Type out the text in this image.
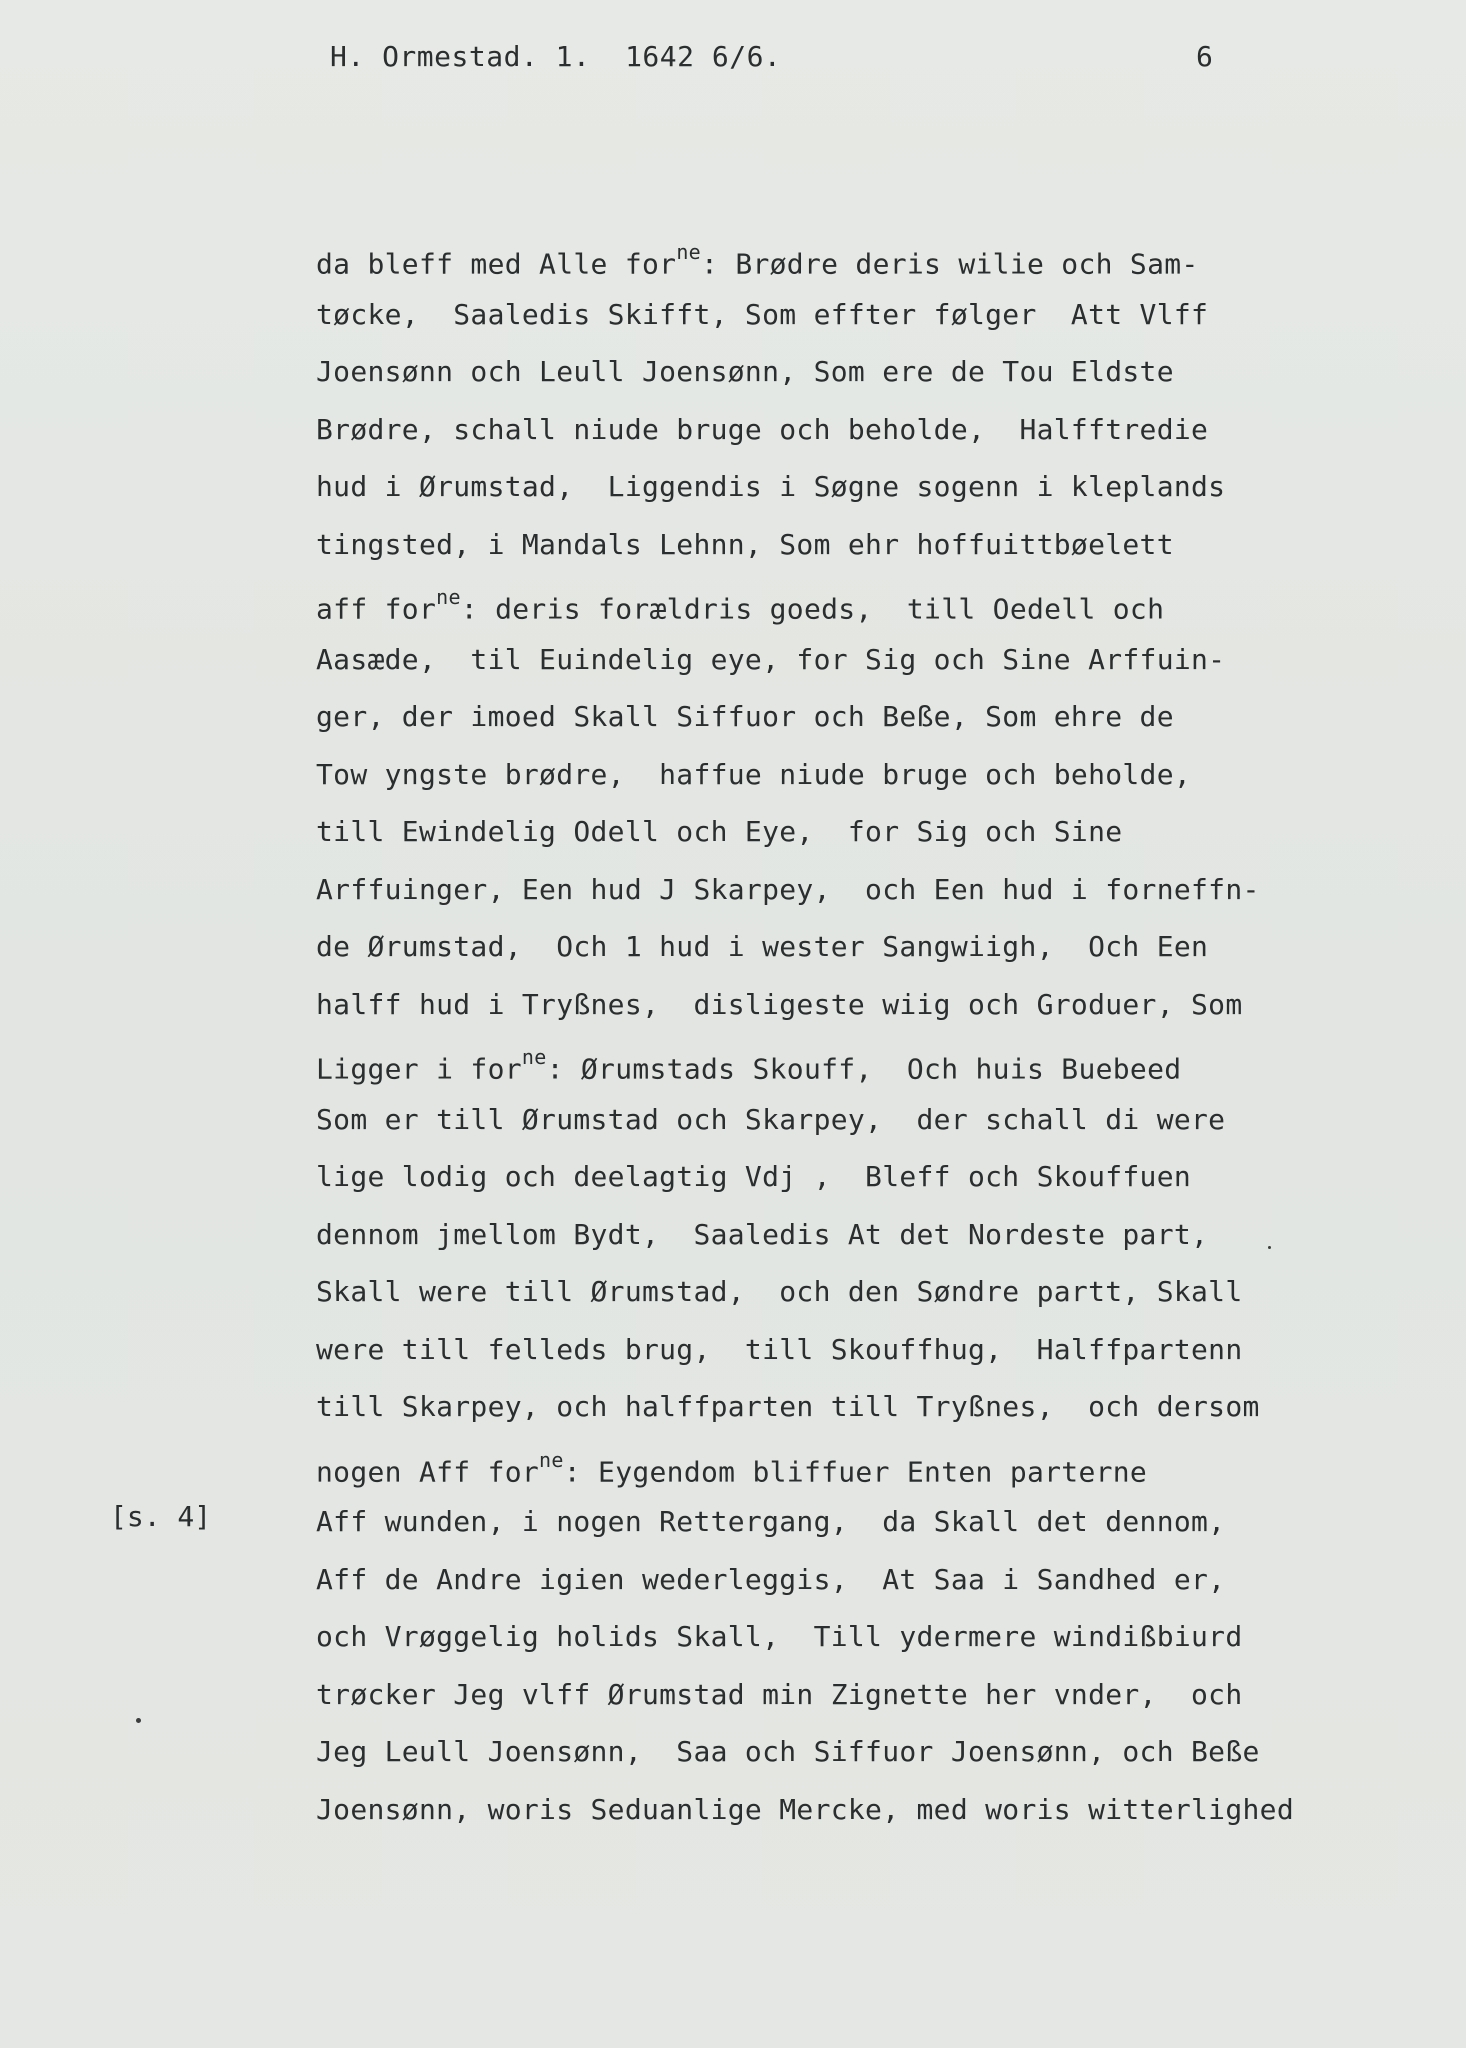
H. Ormestad. 1.  1642 6/6.	6
da bleff med Alle for$^{ne}$: Brødre deris wilie och Sam-
tøcke,  Saaledis Skifft, Som effter følger  Att Vlff
Joensønn och Leull Joensønn, Som ere de Tou Eldste
Brødre, schall niude bruge och beholde,  Halfftredie
hud i Ørumstad,  Liggendis i Søgne sogenn i kleplands
tingsted, i Mandals Lehnn, Som ehr hoffuittbøelett
aff for$^{ne}$: deris forældris goeds,  till Oedell och
Aasæde,  til Euindelig eye, for Sig och Sine Arffuin-
ger, der imoed Skall Siffuor och Beße, Som ehre de
Tow yngste brødre,  haffue niude bruge och beholde,
till Ewindelig Odell och Eye,  for Sig och Sine
Arffuinger, Een hud J Skarpey,  och Een hud i forneffn-
de Ørumstad,  Och 1 hud i wester Sangwiigh,  Och Een
halff hud i Tryßnes,  disligeste wiig och Groduer, Som
Ligger i for$^{ne}$: Ørumstads Skouff,  Och huis Buebeed
Som er till Ørumstad och Skarpey,  der schall di were
lige lodig och deelagtig Vdj ,  Bleff och Skouffuen
dennom jmellom Bydt,  Saaledis At det Nordeste part,
Skall were till Ørumstad,  och den Søndre partt, Skall
were till felleds brug,  till Skouffhug,  Halffpartenn
till Skarpey, och halffparten till Tryßnes,  och dersom
nogen Aff for$^{ne}$: Eygendom bliffuer Enten parterne
Aff wunden, i nogen Rettergang,  da Skall det dennom,
Aff de Andre igien wederleggis,  At Saa i Sandhed er,
och Vrøggelig holids Skall,  Till ydermere windißbiurd
trøcker Jeg vlff Ørumstad min Zignette her vnder,  och
Jeg Leull Joensønn,  Saa och Siffuor Joensønn, och Beße
Joensønn, woris Seduanlige Mercke, med woris witterlighed
[s. 4]
